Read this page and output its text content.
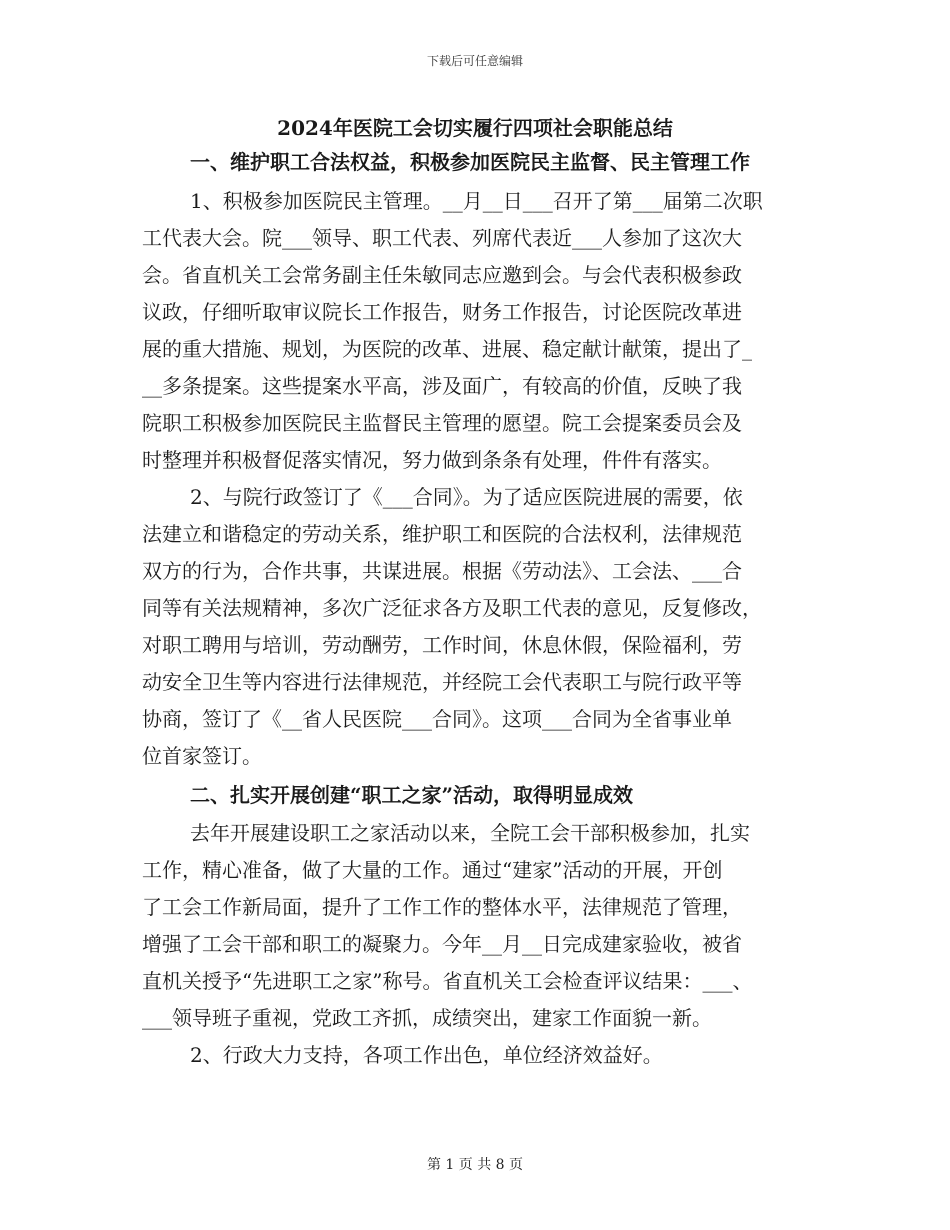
下载后可任意编辑
2024年医院工会切实履行四项社会职能总结
一、维护职工合法权益，积极参加医院民主监督、民主管理工作
1、积极参加医院民主管理。__月__日___召开了第___届第二次职
工代表大会。院___领导、职工代表、列席代表近___人参加了这次大
会。省直机关工会常务副主任朱敏同志应邀到会。与会代表积极参政
议政，仔细听取审议院长工作报告，财务工作报告，讨论医院改革进
展的重大措施、规划，为医院的改革、进展、稳定献计献策，提出了_
__多条提案。这些提案水平高，涉及面广，有较高的价值，反映了我
院职工积极参加医院民主监督民主管理的愿望。院工会提案委员会及
时整理并积极督促落实情况，努力做到条条有处理，件件有落实。
2、与院行政签订了《___合同》。为了适应医院进展的需要，依
法建立和谐稳定的劳动关系，维护职工和医院的合法权利，法律规范
双方的行为，合作共事，共谋进展。根据《劳动法》、工会法、___合
同等有关法规精神，多次广泛征求各方及职工代表的意见，反复修改，
对职工聘用与培训，劳动酬劳，工作时间，休息休假，保险福利，劳
动安全卫生等内容进行法律规范，并经院工会代表职工与院行政平等
协商，签订了《__省人民医院___合同》。这项___合同为全省事业单
位首家签订。
二、扎实开展创建“职工之家”活动，取得明显成效
去年开展建设职工之家活动以来，全院工会干部积极参加，扎实
工作，精心准备，做了大量的工作。通过“建家”活动的开展，开创
了工会工作新局面，提升了工作工作的整体水平，法律规范了管理，
增强了工会干部和职工的凝聚力。今年__月__日完成建家验收，被省
直机关授予“先进职工之家”称号。省直机关工会检查评议结果：___、
___领导班子重视，党政工齐抓，成绩突出，建家工作面貌一新。
2、行政大力支持，各项工作出色，单位经济效益好。
第 1 页 共 8 页
